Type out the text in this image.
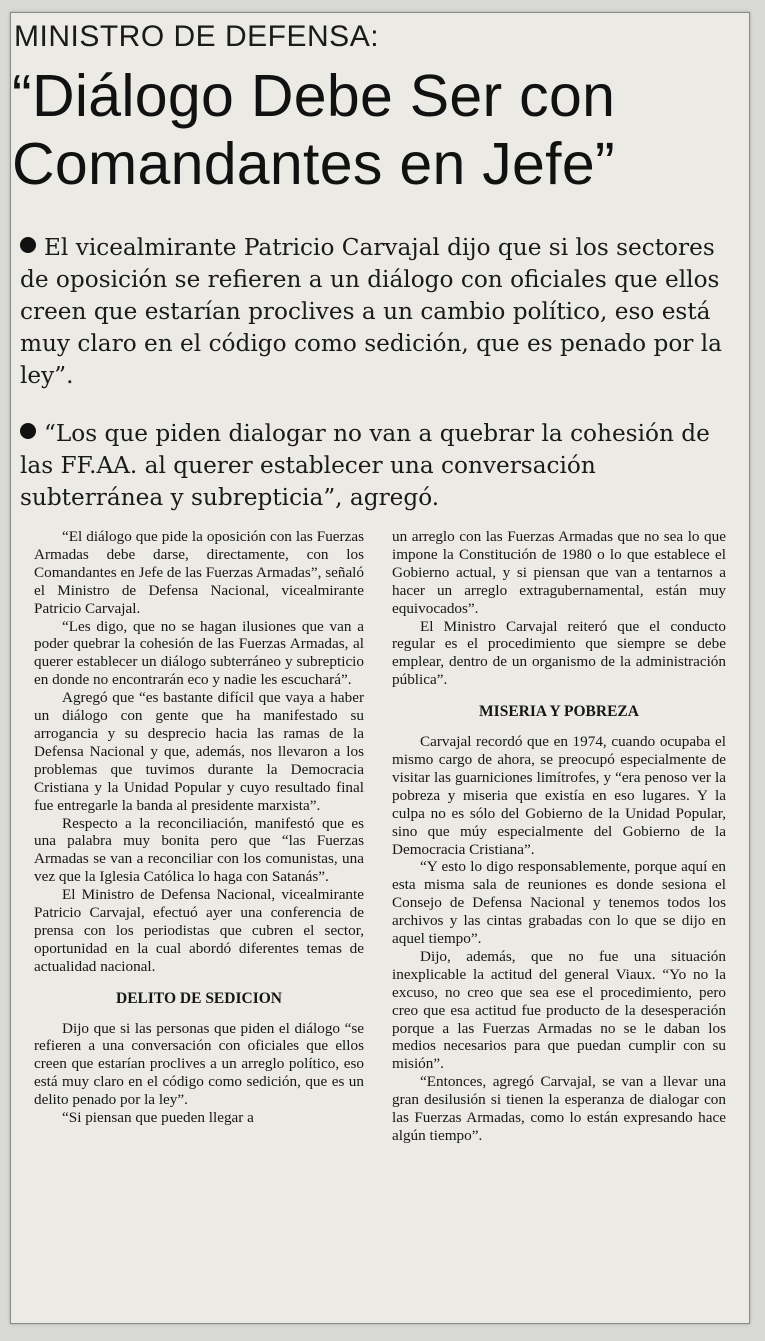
MINISTRO DE DEFENSA:
“Diálogo Debe Ser con Comandantes en Jefe”
El vicealmirante Patricio Carvajal dijo que si los sectores de oposición se refieren a un diálogo con oficiales que ellos creen que estarían proclives a un cambio político, eso está muy claro en el código como sedición, que es penado por la ley”.
“Los que piden dialogar no van a quebrar la cohesión de las FF.AA. al querer establecer una conversación subterránea y subrepticia”, agregó.

“El diálogo que pide la oposición con las Fuerzas Armadas debe darse, directamente, con los Comandantes en Jefe de las Fuerzas Armadas”, señaló el Ministro de Defensa Nacional, vicealmirante Patricio Carvajal.

“Les digo, que no se hagan ilusiones que van a poder quebrar la cohesión de las Fuerzas Armadas, al querer establecer un diálogo subterráneo y subrepticio en donde no encontrarán eco y nadie les escuchará”.

Agregó que “es bastante difícil que vaya a haber un diálogo con gente que ha manifestado su arrogancia y su desprecio hacia las ramas de la Defensa Nacional y que, además, nos llevaron a los problemas que tuvimos durante la Democracia Cristiana y la Unidad Popular y cuyo resultado final fue entregarle la banda al presidente marxista”.

Respecto a la reconciliación, manifestó que es una palabra muy bonita pero que “las Fuerzas Armadas se van a reconciliar con los comunistas, una vez que la Iglesia Católica lo haga con Satanás”.

El Ministro de Defensa Nacional, vicealmirante Patricio Carvajal, efectuó ayer una conferencia de prensa con los periodistas que cubren el sector, oportunidad en la cual abordó diferentes temas de actualidad nacional.

DELITO DE SEDICION

Dijo que si las personas que piden el diálogo “se refieren a una conversación con oficiales que ellos creen que estarían proclives a un arreglo político, eso está muy claro en el código como sedición, que es un delito penado por la ley”.

“Si piensan que pueden llegar a

un arreglo con las Fuerzas Armadas que no sea lo que impone la Constitución de 1980 o lo que establece el Gobierno actual, y si piensan que van a tentarnos a hacer un arreglo extragubernamental, están muy equivocados”.

El Ministro Carvajal reiteró que el conducto regular es el procedimiento que siempre se debe emplear, dentro de un organismo de la administración pública”.

MISERIA Y POBREZA

Carvajal recordó que en 1974, cuando ocupaba el mismo cargo de ahora, se preocupó especialmente de visitar las guarniciones limítrofes, y “era penoso ver la pobreza y miseria que existía en eso lugares. Y la culpa no es sólo del Gobierno de la Unidad Popular, sino que múy especialmente del Gobierno de la Democracia Cristiana”.

“Y esto lo digo responsablemente, porque aquí en esta misma sala de reuniones es donde sesiona el Consejo de Defensa Nacional y tenemos todos los archivos y las cintas grabadas con lo que se dijo en aquel tiempo”.

Dijo, además, que no fue una situación inexplicable la actitud del general Viaux. “Yo no la excuso, no creo que sea ese el procedimiento, pero creo que esa actitud fue producto de la desesperación porque a las Fuerzas Armadas no se le daban los medios necesarios para que puedan cumplir con su misión”.

“Entonces, agregó Carvajal, se van a llevar una gran desilusión si tienen la esperanza de dialogar con las Fuerzas Armadas, como lo están expresando hace algún tiempo”.
